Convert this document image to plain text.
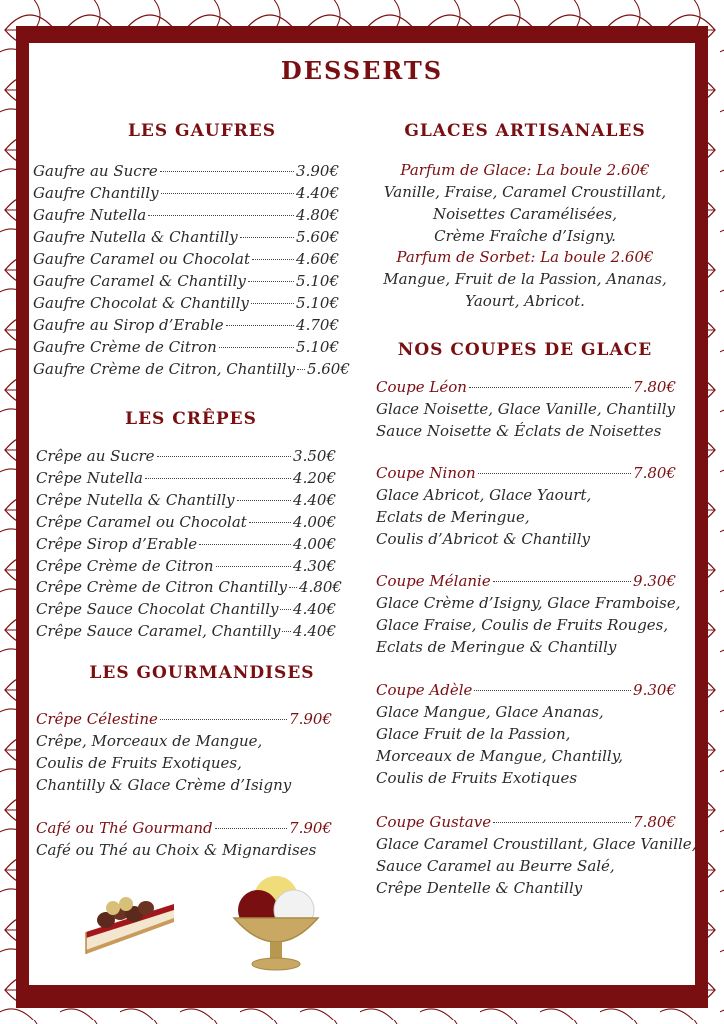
DESSERTS
LES GAUFRES
Gaufre au Sucre	3.90€
Gaufre Chantilly	4.40€
Gaufre Nutella	4.80€
Gaufre Nutella & Chantilly	5.60€
Gaufre Caramel ou Chocolat	4.60€
Gaufre Caramel & Chantilly	5.10€
Gaufre Chocolat & Chantilly	5.10€
Gaufre au Sirop d’Erable	4.70€
Gaufre Crème de Citron	5.10€
Gaufre Crème de Citron, Chantilly 5.60€
LES CRÊPES
Crêpe au Sucre	3.50€
Crêpe Nutella	4.20€
Crêpe Nutella & Chantilly	4.40€
Crêpe Caramel ou Chocolat	4.00€
Crêpe Sirop d’Erable	4.00€
Crêpe Crème de Citron	4.30€
Crêpe Crème de Citron Chantilly 4.80€
Crêpe Sauce Chocolat Chantilly 4.40€
Crêpe Sauce Caramel, Chantilly 4.40€
LES GOURMANDISES
Crêpe Célestine	7.90€
Crêpe, Morceaux de Mangue,
Coulis de Fruits Exotiques,
Chantilly & Glace Crème d’Isigny
Café ou Thé Gourmand	7.90€
Café ou Thé au Choix & Mignardises
GLACES ARTISANALES
Parfum de Glace: La boule 2.60€
Vanille, Fraise, Caramel Croustillant,
Noisettes Caramélisées,
Crème Fraîche d’Isigny.
Parfum de Sorbet: La boule 2.60€
Mangue, Fruit de la Passion, Ananas,
Yaourt, Abricot.
NOS COUPES DE GLACE
Coupe Léon	7.80€
Glace Noisette, Glace Vanille, Chantilly
Sauce Noisette & Éclats de Noisettes
Coupe Ninon	7.80€
Glace Abricot, Glace Yaourt,
Eclats de Meringue,
Coulis d’Abricot & Chantilly
Coupe Mélanie	9.30€
Glace Crème d’Isigny, Glace Framboise,
Glace Fraise, Coulis de Fruits Rouges,
Eclats de Meringue & Chantilly
Coupe Adèle	9.30€
Glace Mangue, Glace Ananas,
Glace Fruit de la Passion,
Morceaux de Mangue, Chantilly,
Coulis de Fruits Exotiques
Coupe Gustave	7.80€
Glace Caramel Croustillant, Glace Vanille,
Sauce Caramel au Beurre Salé,
Crêpe Dentelle & Chantilly
